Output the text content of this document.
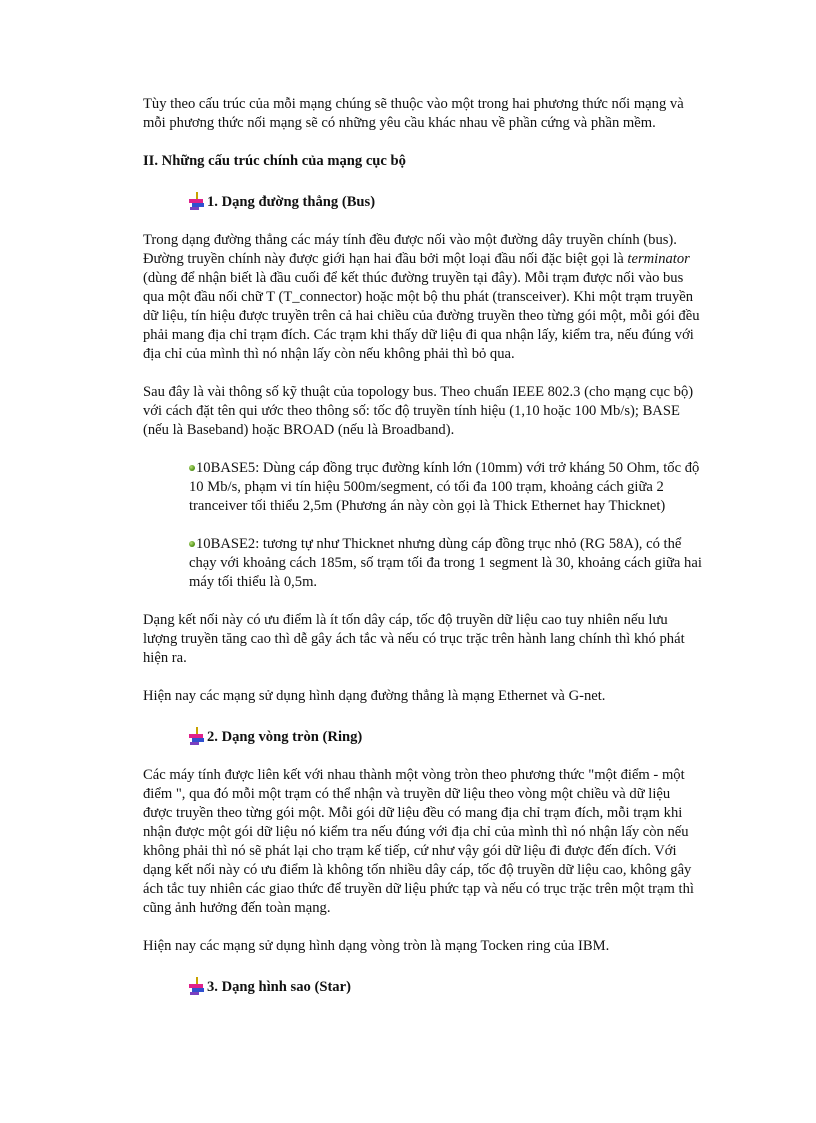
Tùy theo cấu trúc của mỗi mạng chúng sẽ thuộc vào một trong hai phương thức nối mạng và mỗi phương thức nối mạng sẽ có những yêu cầu khác nhau về phần cứng và phần mềm.

II. Những cấu trúc chính của mạng cục bộ
1. Dạng đường thẳng (Bus)

Trong dạng đường thẳng các máy tính đều được nối vào một đường dây truyền chính (bus). Đường truyền chính này được giới hạn hai đầu bởi một loại đầu nối đặc biệt gọi là terminator (dùng để nhận biết là đầu cuối để kết thúc đường truyền tại đây). Mỗi trạm được nối vào bus qua một đầu nối chữ T (T_connector) hoặc một bộ thu phát (transceiver). Khi một trạm truyền dữ liệu, tín hiệu được truyền trên cả hai chiều của đường truyền theo từng gói một, mỗi gói đều phải mang địa chỉ trạm đích. Các trạm khi thấy dữ liệu đi qua nhận lấy, kiểm tra, nếu đúng với địa chỉ của mình thì nó nhận lấy còn nếu không phải thì bỏ qua.

Sau đây là vài thông số kỹ thuật của topology bus. Theo chuẩn IEEE 802.3 (cho mạng cục bộ) với cách đặt tên qui ước theo thông số: tốc độ truyền tính hiệu (1,10 hoặc 100 Mb/s); BASE (nếu là Baseband) hoặc BROAD (nếu là Broadband).

10BASE5: Dùng cáp đồng trục đường kính lớn (10mm) với trở kháng 50 Ohm, tốc độ 10 Mb/s, phạm vi tín hiệu 500m/segment, có tối đa 100 trạm, khoảng cách giữa 2 tranceiver tối thiểu 2,5m (Phương án này còn gọi là Thick Ethernet hay Thicknet)

10BASE2: tương tự như Thicknet nhưng dùng cáp đồng trục nhỏ (RG 58A), có thể chạy với khoảng cách 185m, số trạm tối đa trong 1 segment là 30, khoảng cách giữa hai máy tối thiểu là 0,5m.

Dạng kết nối này có ưu điểm là ít tốn dây cáp, tốc độ truyền dữ liệu cao tuy nhiên nếu lưu lượng truyền tăng cao thì dễ gây ách tắc và nếu có trục trặc trên hành lang chính thì khó phát hiện ra.

Hiện nay các mạng sử dụng hình dạng đường thẳng là mạng Ethernet và G-net.

2. Dạng vòng tròn (Ring)

Các máy tính được liên kết với nhau thành một vòng tròn theo phương thức "một điểm - một điểm ", qua đó mỗi một trạm có thể nhận và truyền dữ liệu theo vòng một chiều và dữ liệu được truyền theo từng gói một. Mỗi gói dữ liệu đều có mang địa chỉ trạm đích, mỗi trạm khi nhận được một gói dữ liệu nó kiểm tra nếu đúng với địa chỉ của mình thì nó nhận lấy còn nếu không phải thì nó sẽ phát lại cho trạm kế tiếp, cứ như vậy gói dữ liệu đi được đến đích. Với dạng kết nối này có ưu điểm là không tốn nhiều dây cáp, tốc độ truyền dữ liệu cao, không gây ách tắc tuy nhiên các giao thức để truyền dữ liệu phức tạp và nếu có trục trặc trên một trạm thì cũng ảnh hưởng đến toàn mạng.

Hiện nay các mạng sử dụng hình dạng vòng tròn là mạng Tocken ring của IBM.

3. Dạng hình sao (Star)
